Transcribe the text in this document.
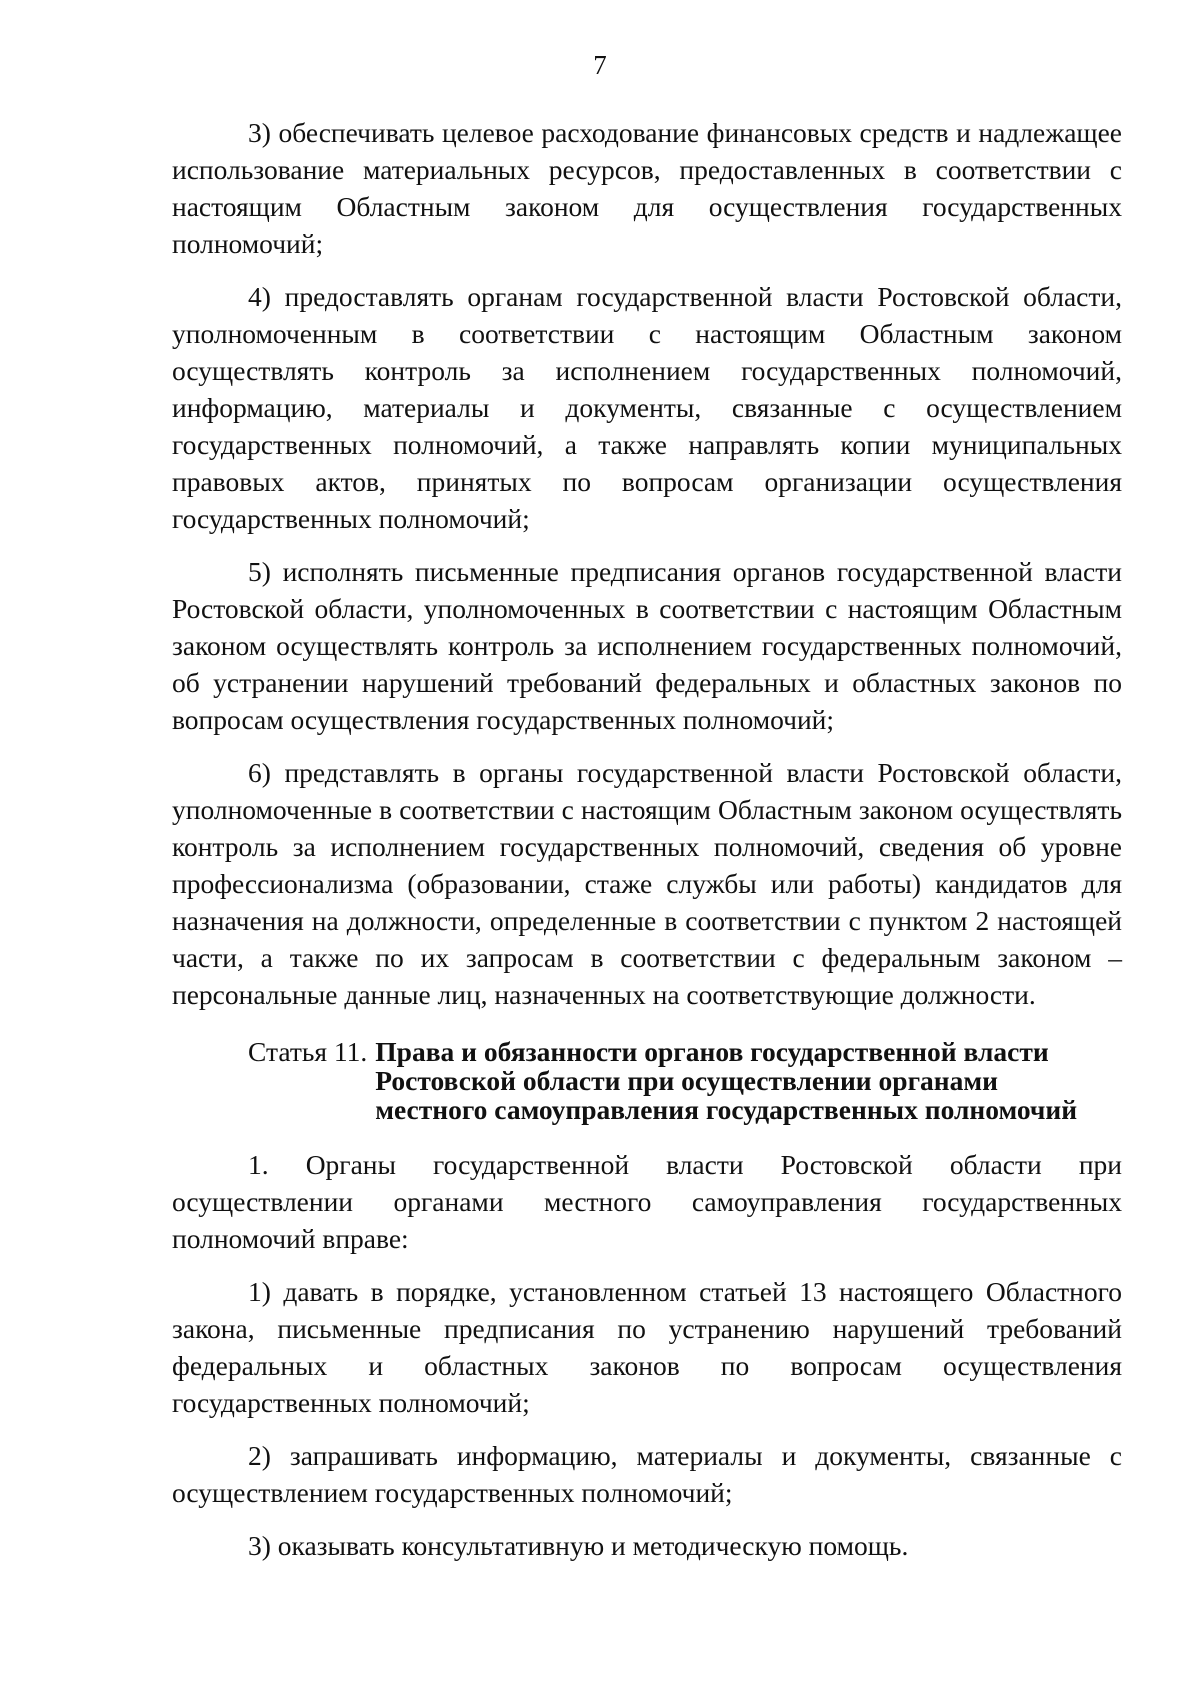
7

3) обеспечивать целевое расходование финансовых средств и надлежащее использование материальных ресурсов, предоставленных в соответствии с настоящим Областным законом для осуществления государственных полномочий;

4) предоставлять органам государственной власти Ростовской области, уполномоченным в соответствии с настоящим Областным законом осуществлять контроль за исполнением государственных полномочий, информацию, материалы и документы, связанные с осуществлением государственных полномочий, а также направлять копии муниципальных правовых актов, принятых по вопросам организации осуществления государственных полномочий;

5) исполнять письменные предписания органов государственной власти Ростовской области, уполномоченных в соответствии с настоящим Областным законом осуществлять контроль за исполнением государственных полномочий, об устранении нарушений требований федеральных и областных законов по вопросам осуществления государственных полномочий;

6) представлять в органы государственной власти Ростовской области, уполномоченные в соответствии с настоящим Областным законом осуществлять контроль за исполнением государственных полномочий, сведения об уровне профессионализма (образовании, стаже службы или работы) кандидатов для назначения на должности, определенные в соответствии с пунктом 2 настоящей части, а также по их запросам в соответствии с федеральным законом – персональные данные лиц, назначенных на соответствующие должности.

Статья 11. Права и обязанности органов государственной власти
Ростовской области при осуществлении органами
местного самоуправления государственных полномочий

1. Органы государственной власти Ростовской области при осуществлении органами местного самоуправления государственных полномочий вправе:

1) давать в порядке, установленном статьей 13 настоящего Областного закона, письменные предписания по устранению нарушений требований федеральных и областных законов по вопросам осуществления государственных полномочий;

2) запрашивать информацию, материалы и документы, связанные с осуществлением государственных полномочий;

3) оказывать консультативную и методическую помощь.
